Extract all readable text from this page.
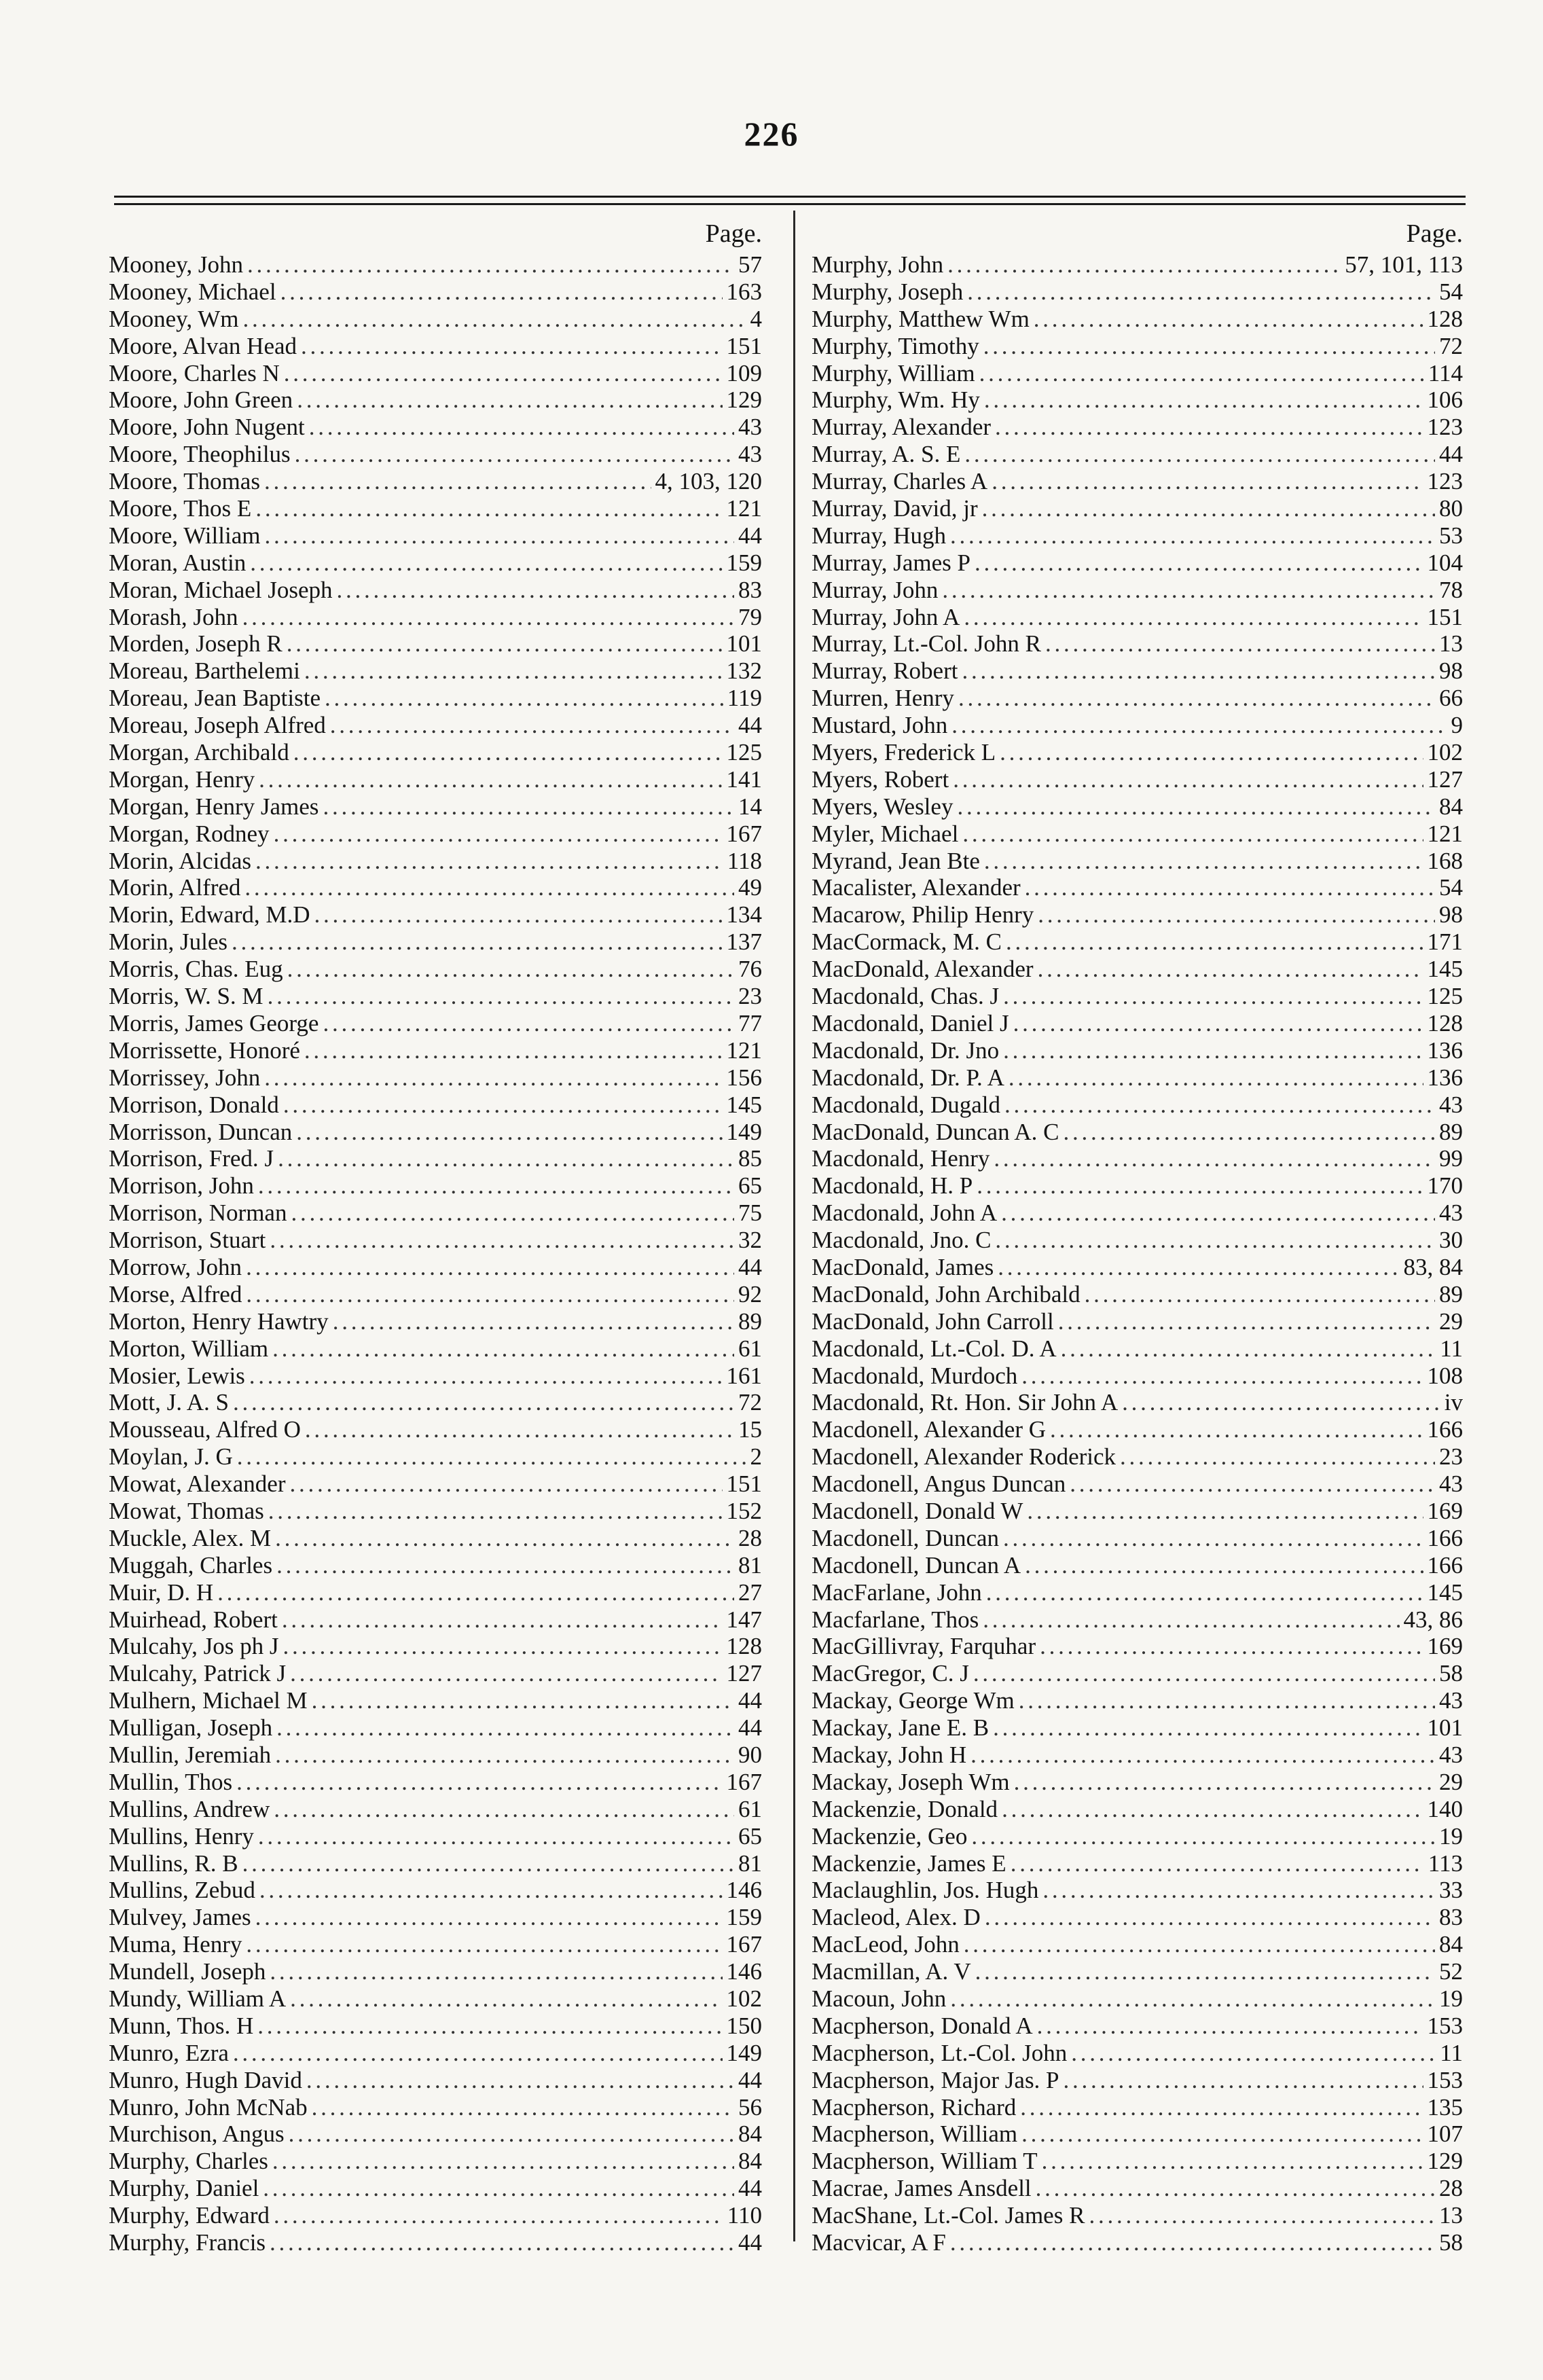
226
Page.
Mooney, John . . .	57
Mooney, Michael . . .	163
Mooney, Wm . . .	4
Moore, Alvan Head . . .	151
Moore, Charles N . . .	109
Moore, John Green . . .	129
Moore, John Nugent . . .	43
Moore, Theophilus . . .	43
Moore, Thomas . . .	4, 103, 120
Moore, Thos E . . .	121
Moore, William . . .	44
Moran, Austin . . .	159
Moran, Michael Joseph . . .	83
Morash, John . . .	79
Morden, Joseph R . . .	101
Moreau, Barthelemi . . .	132
Moreau, Jean Baptiste . . .	119
Moreau, Joseph Alfred . . .	44
Morgan, Archibald . . .	125
Morgan, Henry . . .	141
Morgan, Henry James . . .	14
Morgan, Rodney . . .	167
Morin, Alcidas . . .	118
Morin, Alfred . . .	49
Morin, Edward, M.D . . .	134
Morin, Jules . . .	137
Morris, Chas. Eug . . .	76
Morris, W. S. M . . .	23
Morris, James George . . .	77
Morrissette, Honoré . . .	121
Morrissey, John . . .	156
Morrison, Donald . . .	145
Morrisson, Duncan . . .	149
Morrison, Fred. J . . .	85
Morrison, John . . .	65
Morrison, Norman . . .	75
Morrison, Stuart . . .	32
Morrow, John . . .	44
Morse, Alfred . . .	92
Morton, Henry Hawtry . . .	89
Morton, William . . .	61
Mosier, Lewis . . .	161
Mott, J. A. S . . .	72
Mousseau, Alfred O . . .	15
Moylan, J. G . . .	2
Mowat, Alexander . . .	151
Mowat, Thomas . . .	152
Muckle, Alex. M . . .	28
Muggah, Charles . . .	81
Muir, D. H . . .	27
Muirhead, Robert . . .	147
Mulcahy, Jos ph J . . .	128
Mulcahy, Patrick J . . .	127
Mulhern, Michael M . . .	44
Mulligan, Joseph . . .	44
Mullin, Jeremiah . . .	90
Mullin, Thos . . .	167
Mullins, Andrew . . .	61
Mullins, Henry . . .	65
Mullins, R. B . . .	81
Mullins, Zebud . . .	146
Mulvey, James . . .	159
Muma, Henry . . .	167
Mundell, Joseph . . .	146
Mundy, William A . . .	102
Munn, Thos. H . . .	150
Munro, Ezra . . .	149
Munro, Hugh David . . .	44
Munro, John McNab . . .	56
Murchison, Angus . . .	84
Murphy, Charles . . .	84
Murphy, Daniel . . .	44
Murphy, Edward . . .	110
Murphy, Francis . . .	44
Page.
Murphy, John . . .	57, 101, 113
Murphy, Joseph . . .	54
Murphy, Matthew Wm . . .	128
Murphy, Timothy . . .	72
Murphy, William . . .	114
Murphy, Wm. Hy . . .	106
Murray, Alexander . . .	123
Murray, A. S. E . . .	44
Murray, Charles A . . .	123
Murray, David, jr . . .	80
Murray, Hugh . . .	53
Murray, James P . . .	104
Murray, John . . .	78
Murray, John A . . .	151
Murray, Lt.-Col. John R . . .	13
Murray, Robert . . .	98
Murren, Henry . . .	66
Mustard, John . . .	9
Myers, Frederick L . . .	102
Myers, Robert . . .	127
Myers, Wesley . . .	84
Myler, Michael . . .	121
Myrand, Jean Bte . . .	168
Macalister, Alexander . . .	54
Macarow, Philip Henry . . .	98
MacCormack, M. C . . .	171
MacDonald, Alexander . . .	145
Macdonald, Chas. J . . .	125
Macdonald, Daniel J . . .	128
Macdonald, Dr. Jno . . .	136
Macdonald, Dr. P. A . . .	136
Macdonald, Dugald . . .	43
MacDonald, Duncan A. C . . .	89
Macdonald, Henry . . .	99
Macdonald, H. P . . .	170
Macdonald, John A . . .	43
Macdonald, Jno. C . . .	30
MacDonald, James . . .	83, 84
MacDonald, John Archibald . . .	89
MacDonald, John Carroll . . .	29
Macdonald, Lt.-Col. D. A . . .	11
Macdonald, Murdoch . . .	108
Macdonald, Rt. Hon. Sir John A . . .	iv
Macdonell, Alexander G . . .	166
Macdonell, Alexander Roderick . . .	23
Macdonell, Angus Duncan . . .	43
Macdonell, Donald W . . .	169
Macdonell, Duncan . . .	166
Macdonell, Duncan A . . .	166
MacFarlane, John . . .	145
Macfarlane, Thos . . .	43, 86
MacGillivray, Farquhar . . .	169
MacGregor, C. J . . .	58
Mackay, George Wm . . .	43
Mackay, Jane E. B . . .	101
Mackay, John H . . .	43
Mackay, Joseph Wm . . .	29
Mackenzie, Donald . . .	140
Mackenzie, Geo . . .	19
Mackenzie, James E . . .	113
Maclaughlin, Jos. Hugh . . .	33
Macleod, Alex. D . . .	83
MacLeod, John . . .	84
Macmillan, A. V . . .	52
Macoun, John . . .	19
Macpherson, Donald A . . .	153
Macpherson, Lt.-Col. John . . .	11
Macpherson, Major Jas. P . . .	153
Macpherson, Richard . . .	135
Macpherson, William . . .	107
Macpherson, William T . . .	129
Macrae, James Ansdell . . .	28
MacShane, Lt.-Col. James R . . .	13
Macvicar, A F . . .	58
